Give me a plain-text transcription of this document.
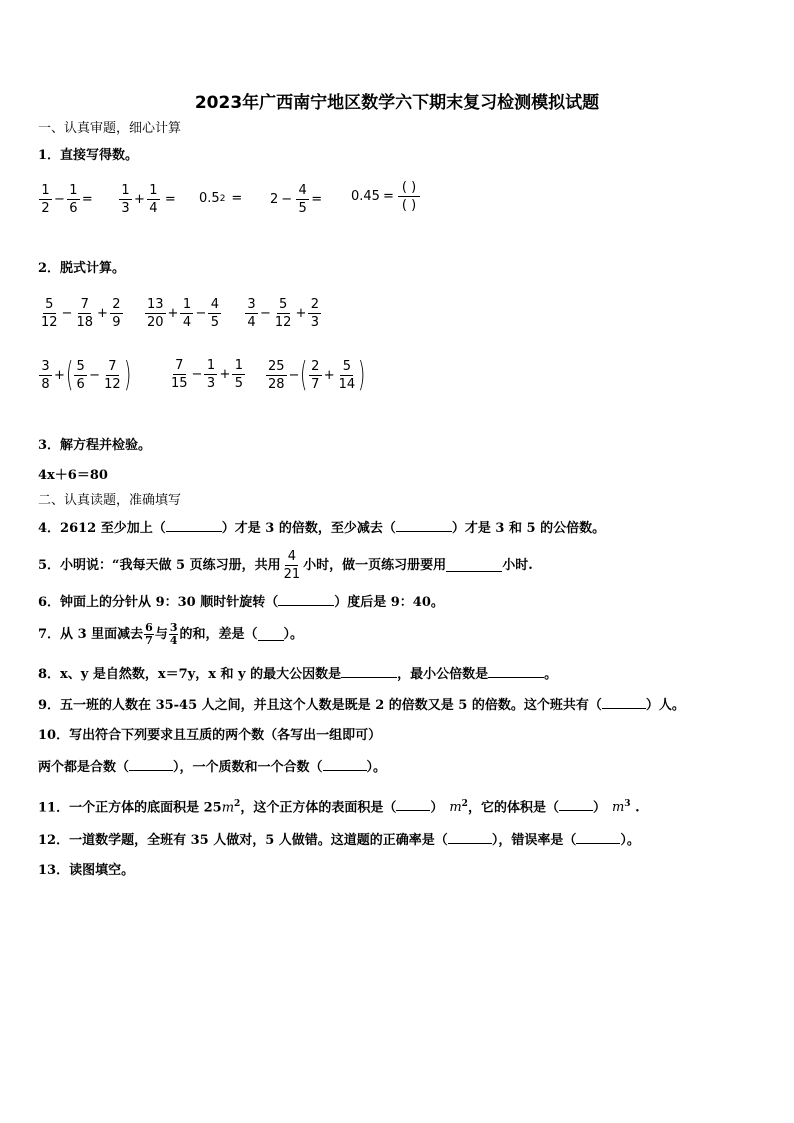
2023年广西南宁地区数学六下期末复习检测模拟试题
一、认真审题，细心计算
1．直接写得数。
$\frac{1}{2} - \frac{1}{6} = \frac{1}{3} + \frac{1}{4} = 0.5$ $2 = 2 - \frac{4}{5} = 0.45 = \frac{( )}{( )}$
2．脱式计算。
$\frac{5}{12} - \frac{7}{18} + \frac{2}{9} \frac{13}{20} + \frac{1}{4} - \frac{4}{5} \frac{3}{4} - \frac{5}{12} + \frac{2}{3}$
$\frac{3}{8}$ + ( $\frac{5}{6} - \frac{7}{12}$ )	$\frac{7}{15} - \frac{1}{3} + \frac{1}{5} \frac{25}{28}$ − ( $\frac{2}{7} + \frac{5}{14}$ )
3．解方程并检验。
4x＋6＝80
二、认真读题，准确填写
4．2612 至少加上（	）才是 3 的倍数，至少减去（	）才是 3 和 5 的公倍数。
5．小明说：“我每天做 5 页练习册，共用 $\frac{4}{21}$ 小时，做一页练习册要用	小时.
6．钟面上的分针从 9：30 顺时针旋转（	）度后是 9：40。
7．从 3 里面减去 6
7 与 3
4 的和，差是（ ）。
8．x、y 是自然数，x＝7y，x 和 y 的最大公因数是	，最小公倍数是	。
9．五一班的人数在 35-45 人之间，并且这个人数是既是 2 的倍数又是 5 的倍数。这个班共有（	）人。
10．写出符合下列要求且互质的两个数（各写出一组即可）
两个都是合数（	），一个质数和一个合数（	）。
11．一个正方体的底面积是 $25m^2$，这个正方体的表面积是（	） $m^2$，它的体积是（	） $m^3$ .
12．一道数学题，全班有 35 人做对，5 人做错。这道题的正确率是（	），错误率是（	）。
13．读图填空。
